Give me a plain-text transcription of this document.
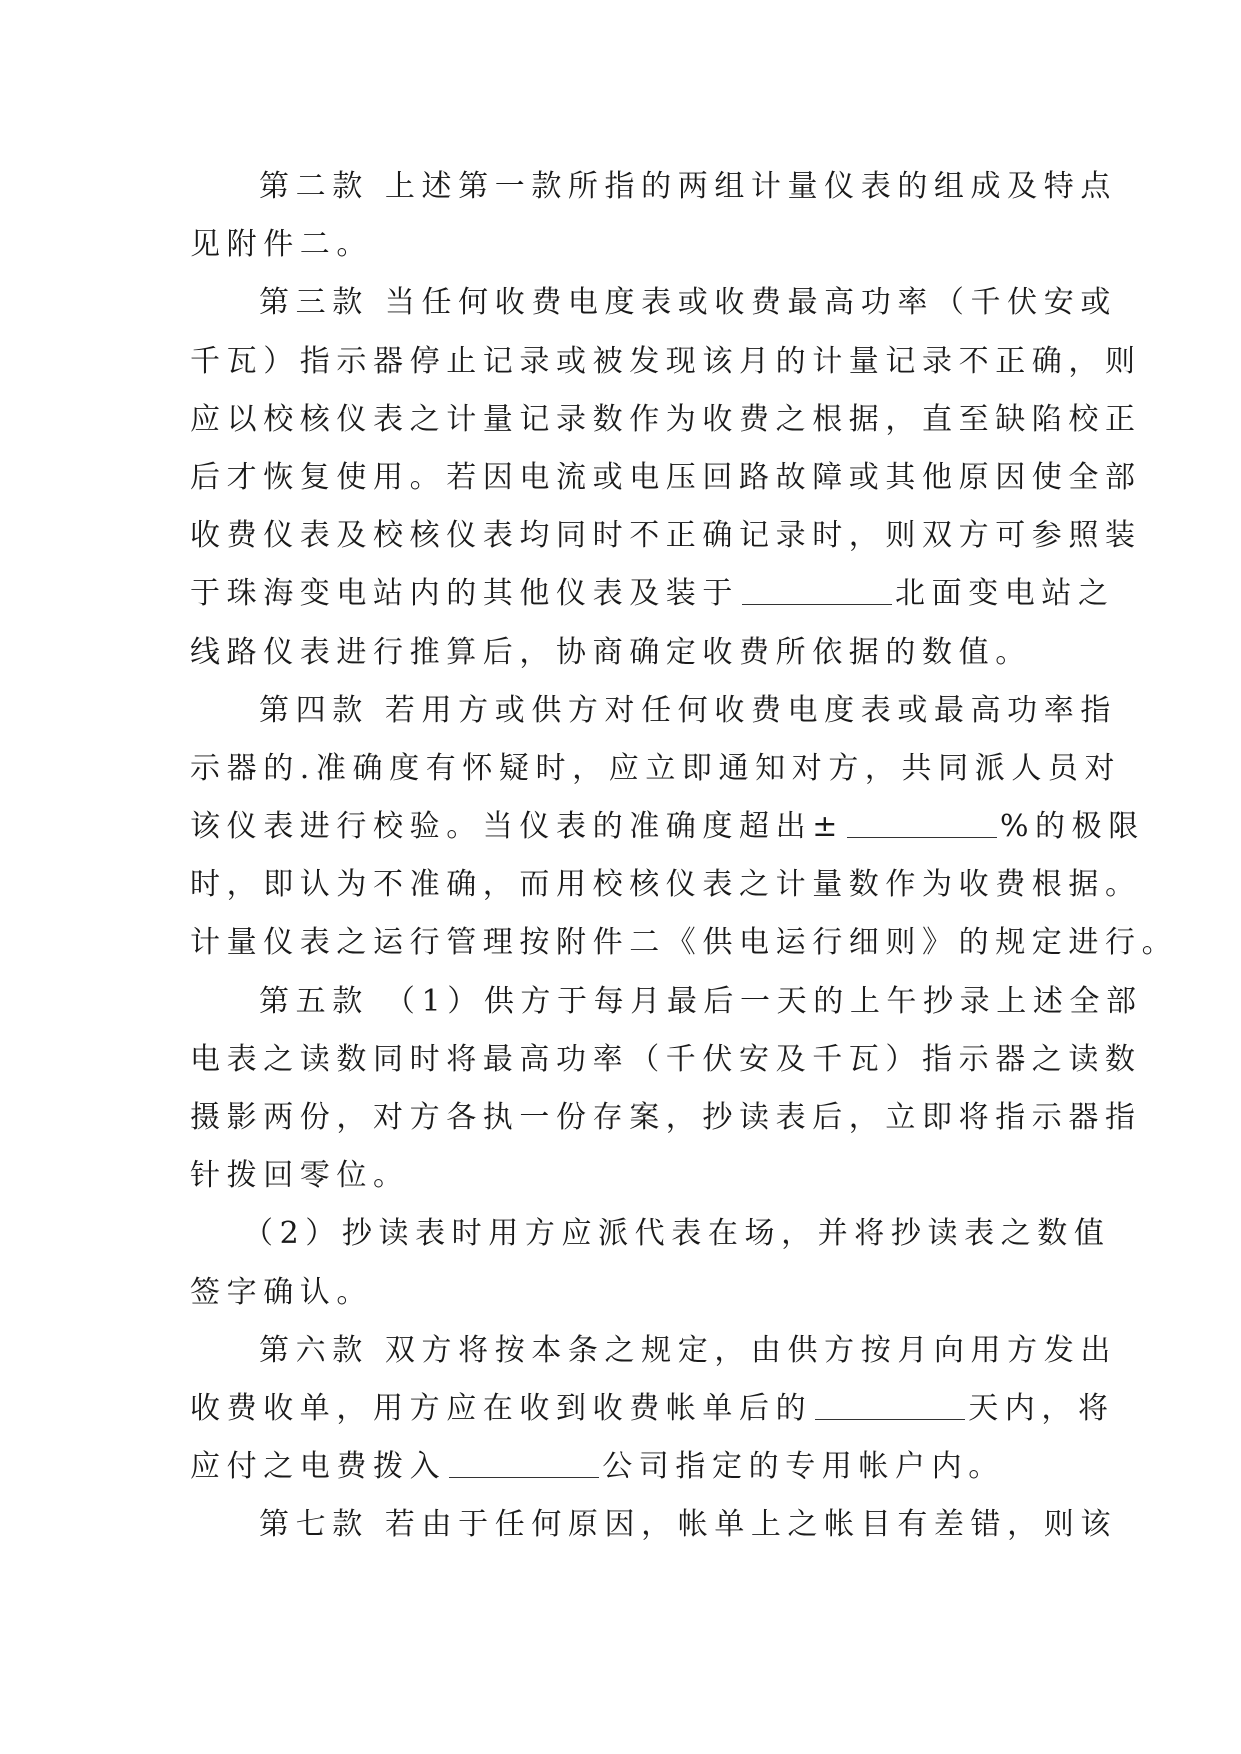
第二款 上述第一款所指的两组计量仪表的组成及特点
见附件二。
第三款 当任何收费电度表或收费最高功率（千伏安或
千瓦）指示器停止记录或被发现该月的计量记录不正确，则
应以校核仪表之计量记录数作为收费之根据，直至缺陷校正
后才恢复使用。若因电流或电压回路故障或其他原因使全部
收费仪表及校核仪表均同时不正确记录时，则双方可参照装
于珠海变电站内的其他仪表及装于	北面变电站之
线路仪表进行推算后，协商确定收费所依据的数值。
第四款 若用方或供方对任何收费电度表或最高功率指
示器的.准确度有怀疑时，应立即通知对方，共同派人员对
该仪表进行校验。当仪表的准确度超出±	%的极限
时，即认为不准确，而用校核仪表之计量数作为收费根据。
计量仪表之运行管理按附件二《供电运行细则》的规定进行。
第五款 （1）供方于每月最后一天的上午抄录上述全部
电表之读数同时将最高功率（千伏安及千瓦）指示器之读数
摄影两份，对方各执一份存案，抄读表后，立即将指示器指
针拨回零位。
（2）抄读表时用方应派代表在场，并将抄读表之数值
签字确认。
第六款 双方将按本条之规定，由供方按月向用方发出
收费收单，用方应在收到收费帐单后的	天内，将
应付之电费拨入	公司指定的专用帐户内。
第七款 若由于任何原因，帐单上之帐目有差错，则该
